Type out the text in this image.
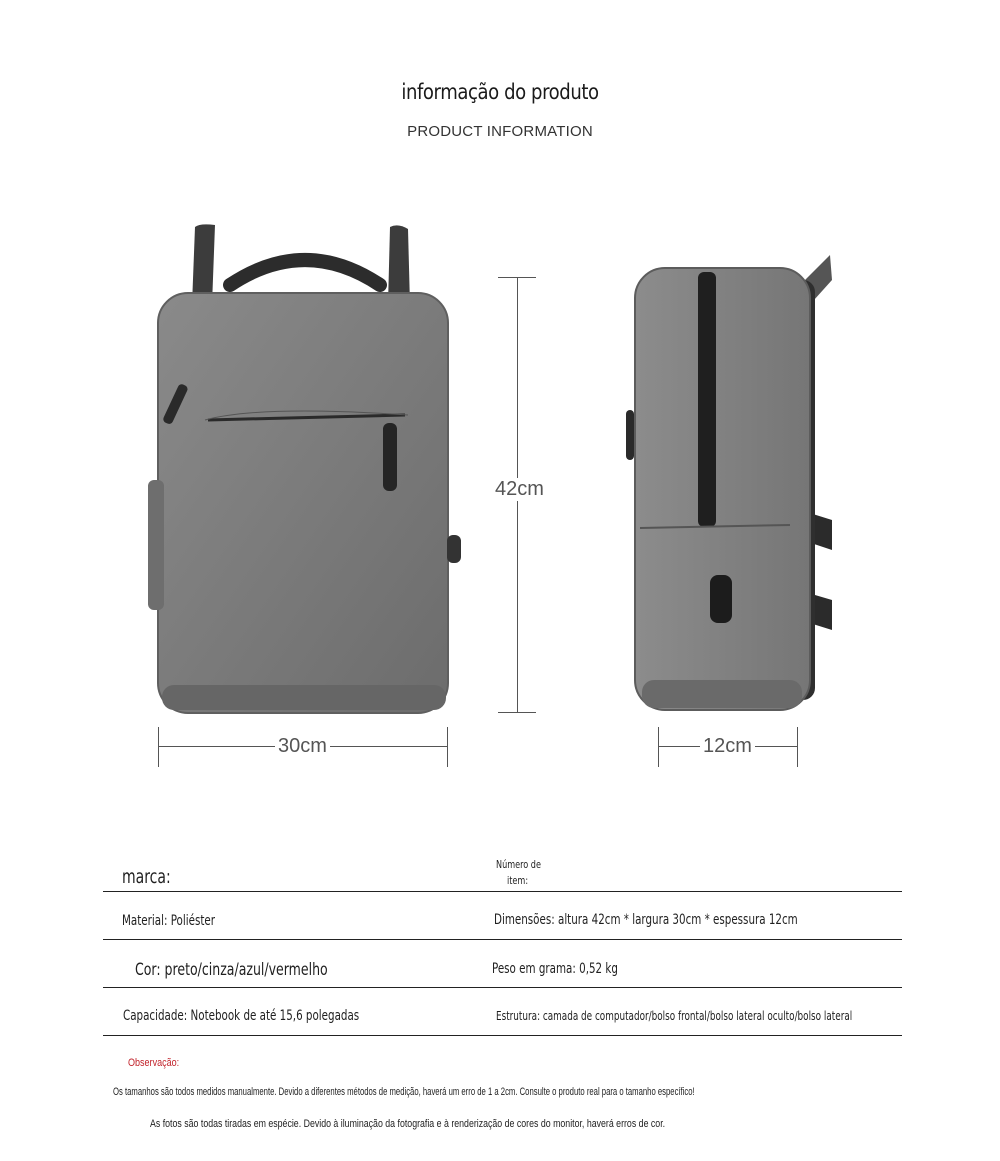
informação do produto
PRODUCT INFORMATION
42cm
30cm	12cm
marca:
Número de
item:
Material: Poliéster	Dimensões: altura 42cm * largura 30cm * espessura 12cm
Cor: preto/cinza/azul/vermelho	Peso em grama: 0,52 kg
Capacidade: Notebook de até 15,6 polegadas	Estrutura: camada de computador/bolso frontal/bolso lateral oculto/bolso lateral
Observação:
Os tamanhos são todos medidos manualmente. Devido a diferentes métodos de medição, haverá um erro de 1 a 2cm. Consulte o produto real para o tamanho específico!
As fotos são todas tiradas em espécie. Devido à iluminação da fotografia e à renderização de cores do monitor, haverá erros de cor.
